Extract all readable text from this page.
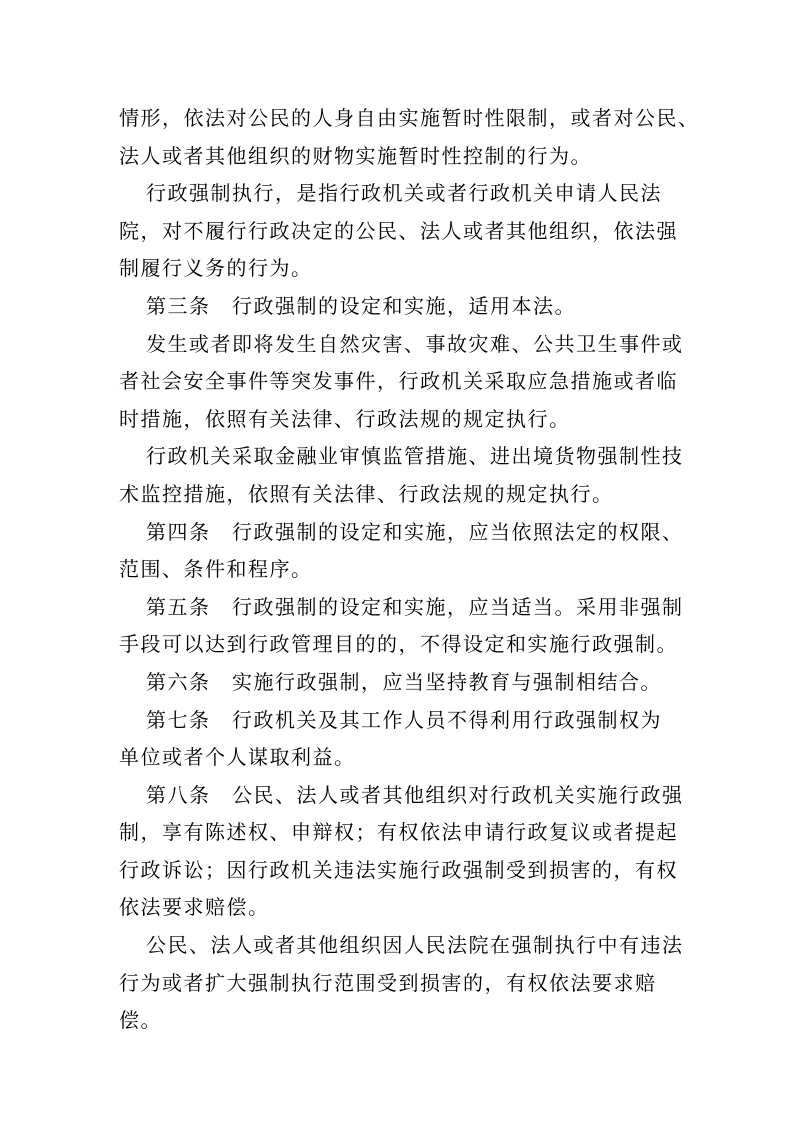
情形，依法对公民的人身自由实施暂时性限制，或者对公民、
法人或者其他组织的财物实施暂时性控制的行为。
行政强制执行，是指行政机关或者行政机关申请人民法
院，对不履行行政决定的公民、法人或者其他组织，依法强
制履行义务的行为。
第三条　行政强制的设定和实施，适用本法。
发生或者即将发生自然灾害、事故灾难、公共卫生事件或
者社会安全事件等突发事件，行政机关采取应急措施或者临
时措施，依照有关法律、行政法规的规定执行。
行政机关采取金融业审慎监管措施、进出境货物强制性技
术监控措施，依照有关法律、行政法规的规定执行。
第四条　行政强制的设定和实施，应当依照法定的权限、
范围、条件和程序。
第五条　行政强制的设定和实施，应当适当。采用非强制
手段可以达到行政管理目的的，不得设定和实施行政强制。
第六条　实施行政强制，应当坚持教育与强制相结合。
第七条　行政机关及其工作人员不得利用行政强制权为
单位或者个人谋取利益。
第八条　公民、法人或者其他组织对行政机关实施行政强
制，享有陈述权、申辩权；有权依法申请行政复议或者提起
行政诉讼；因行政机关违法实施行政强制受到损害的，有权
依法要求赔偿。
公民、法人或者其他组织因人民法院在强制执行中有违法
行为或者扩大强制执行范围受到损害的，有权依法要求赔
偿。
